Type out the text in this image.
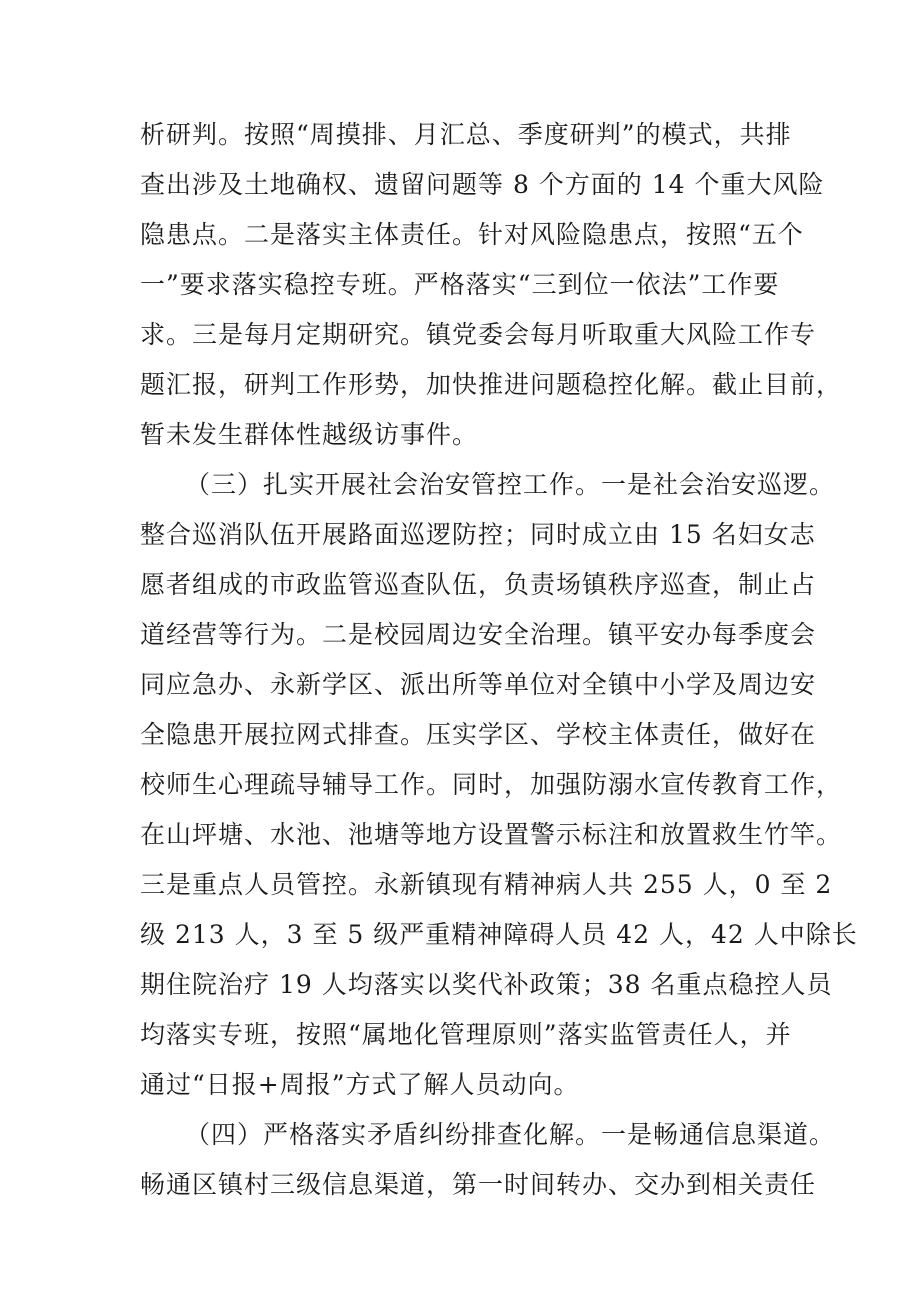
析研判。按照“周摸排、月汇总、季度研判”的模式，共排
查出涉及土地确权、遗留问题等 8 个方面的 14 个重大风险
隐患点。二是落实主体责任。针对风险隐患点，按照“五个
一”要求落实稳控专班。严格落实“三到位一依法”工作要
求。三是每月定期研究。镇党委会每月听取重大风险工作专
题汇报，研判工作形势，加快推进问题稳控化解。截止目前，
暂未发生群体性越级访事件。
（三）扎实开展社会治安管控工作。一是社会治安巡逻。
整合巡消队伍开展路面巡逻防控；同时成立由 15 名妇女志
愿者组成的市政监管巡查队伍，负责场镇秩序巡查，制止占
道经营等行为。二是校园周边安全治理。镇平安办每季度会
同应急办、永新学区、派出所等单位对全镇中小学及周边安
全隐患开展拉网式排查。压实学区、学校主体责任，做好在
校师生心理疏导辅导工作。同时，加强防溺水宣传教育工作，
在山坪塘、水池、池塘等地方设置警示标注和放置救生竹竿。
三是重点人员管控。永新镇现有精神病人共 255 人，0 至 2
级 213 人，3 至 5 级严重精神障碍人员 42 人，42 人中除长
期住院治疗 19 人均落实以奖代补政策；38 名重点稳控人员
均落实专班，按照“属地化管理原则”落实监管责任人，并
通过“日报+周报”方式了解人员动向。
（四）严格落实矛盾纠纷排查化解。一是畅通信息渠道。
畅通区镇村三级信息渠道，第一时间转办、交办到相关责任
